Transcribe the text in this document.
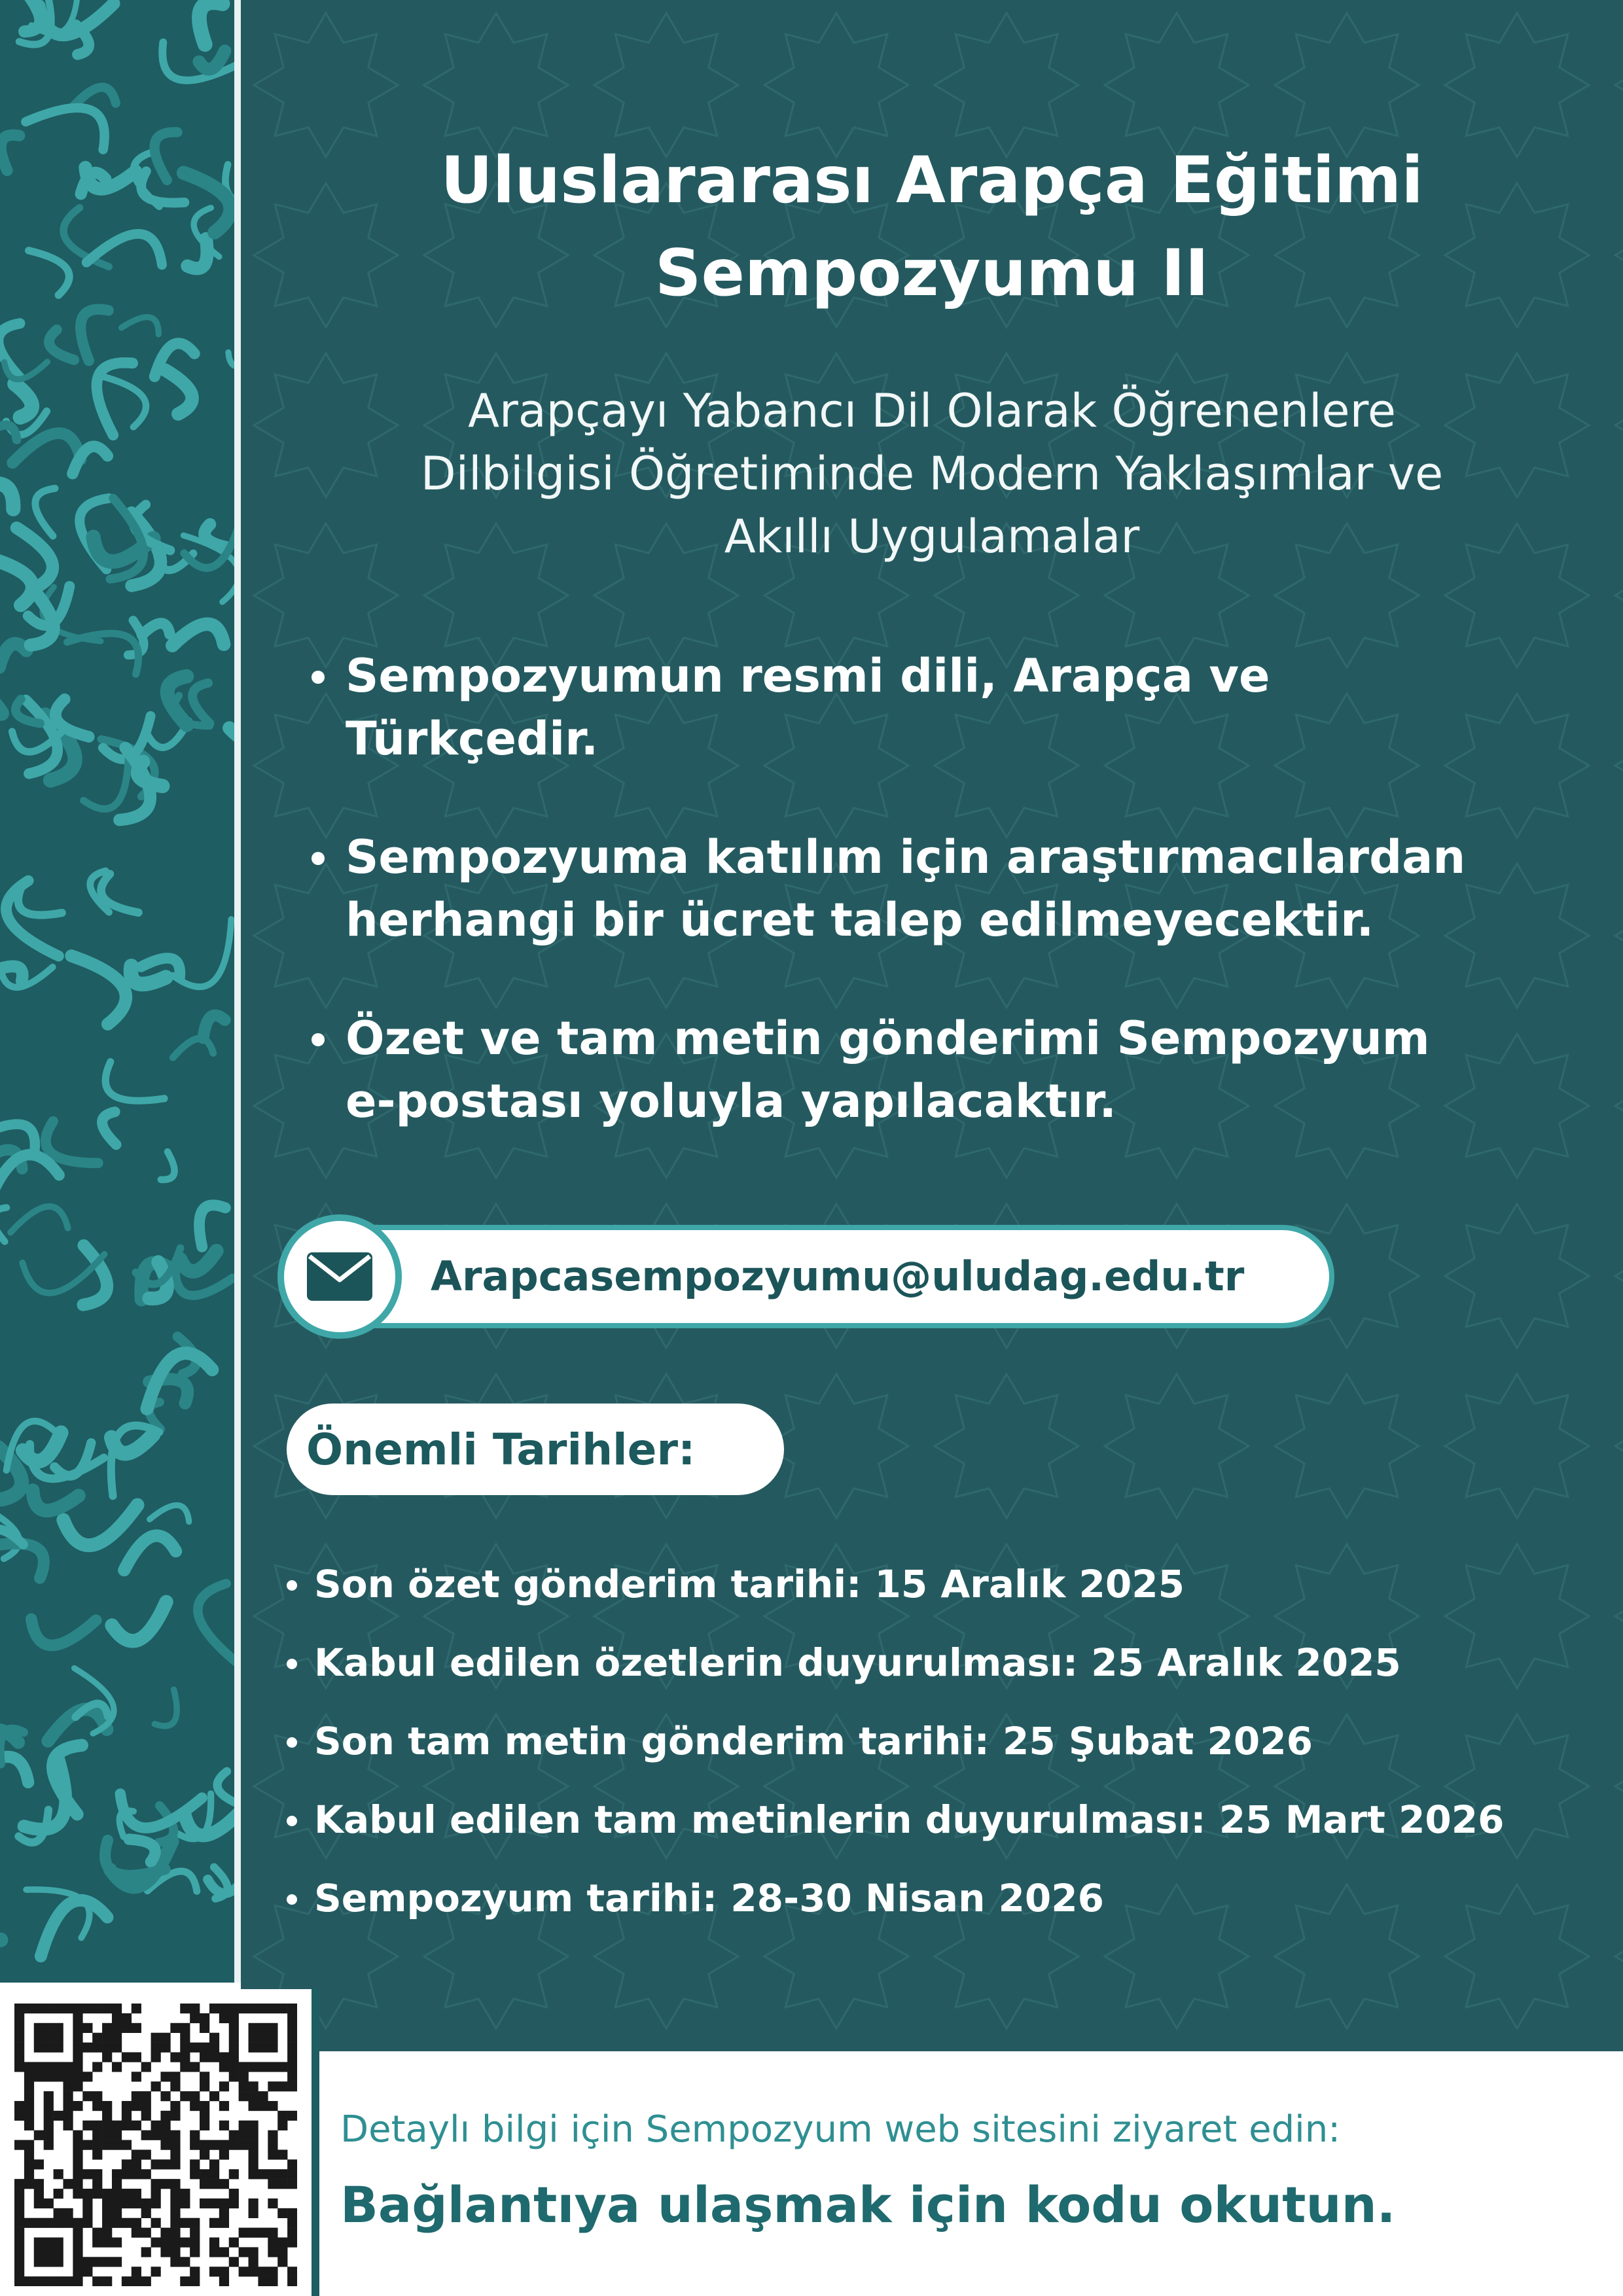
Uluslararası Arapça Eğitimi
Sempozyumu II
Arapçayı Yabancı Dil Olarak Öğrenenlere
Dilbilgisi Öğretiminde Modern Yaklaşımlar ve
Akıllı Uygulamalar
Sempozyumun resmi dili, Arapça ve
Türkçedir.
Sempozyuma katılım için araştırmacılardan
herhangi bir ücret talep edilmeyecektir.
Özet ve tam metin gönderimi Sempozyum
e-postası yoluyla yapılacaktır.
Arapcasempozyumu@uludag.edu.tr
Önemli Tarihler:
Son özet gönderim tarihi: 15 Aralık 2025
Kabul edilen özetlerin duyurulması: 25 Aralık 2025
Son tam metin gönderim tarihi: 25 Şubat 2026
Kabul edilen tam metinlerin duyurulması: 25 Mart 2026
Sempozyum tarihi: 28-30 Nisan 2026
Detaylı bilgi için Sempozyum web sitesini ziyaret edin:
Bağlantıya ulaşmak için kodu okutun.
